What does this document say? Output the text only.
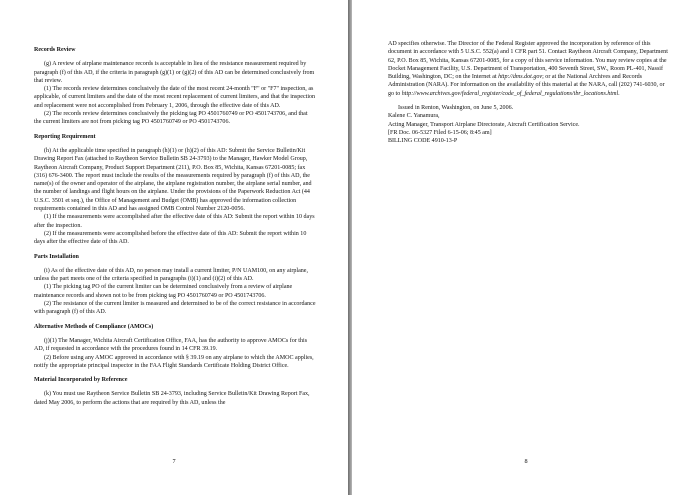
Records Review

(g) A review of airplane maintenance records is acceptable in lieu of the resistance measurement required by paragraph (f) of this AD, if the criteria in paragraph (g)(1) or (g)(2) of this AD can be determined conclusively from that review.

(1) The records review determines conclusively the date of the most recent 24-month "F" or "F7" inspection, as applicable, of current limiters and the date of the most recent replacement of current limiters, and that the inspection and replacement were not accomplished from February 1, 2006, through the effective date of this AD.

(2) The records review determines conclusively the picking tag PO 4501760749 or PO 4501743706, and that the current limiters are not from picking tag PO 4501760749 or PO 4501743706.

Reporting Requirement

(h) At the applicable time specified in paragraph (h)(1) or (h)(2) of this AD: Submit the Service Bulletin/Kit Drawing Report Fax (attached to Raytheon Service Bulletin SB 24-3793) to the Manager, Hawker Model Group, Raytheon Aircraft Company, Product Support Department (211), P.O. Box 85, Wichita, Kansas 67201-0085; fax (316) 676-3400. The report must include the results of the measurements required by paragraph (f) of this AD, the name(s) of the owner and operator of the airplane, the airplane registration number, the airplane serial number, and the number of landings and flight hours on the airplane. Under the provisions of the Paperwork Reduction Act (44 U.S.C. 3501 et seq.), the Office of Management and Budget (OMB) has approved the information collection requirements contained in this AD and has assigned OMB Control Number 2120-0056.

(1) If the measurements were accomplished after the effective date of this AD: Submit the report within 10 days after the inspection.

(2) If the measurements were accomplished before the effective date of this AD: Submit the report within 10 days after the effective date of this AD.

Parts Installation

(i) As of the effective date of this AD, no person may install a current limiter, P/N UAM100, on any airplane, unless the part meets one of the criteria specified in paragraphs (i)(1) and (i)(2) of this AD.

(1) The picking tag PO of the current limiter can be determined conclusively from a review of airplane maintenance records and shown not to be from picking tag PO 4501760749 or PO 4501743706.

(2) The resistance of the current limiter is measured and determined to be of the correct resistance in accordance with paragraph (f) of this AD.

Alternative Methods of Compliance (AMOCs)

(j)(1) The Manager, Wichita Aircraft Certification Office, FAA, has the authority to approve AMOCs for this AD, if requested in accordance with the procedures found in 14 CFR 39.19.

(2) Before using any AMOC approved in accordance with § 39.19 on any airplane to which the AMOC applies, notify the appropriate principal inspector in the FAA Flight Standards Certificate Holding District Office.

Material Incorporated by Reference

(k) You must use Raytheon Service Bulletin SB 24-3793, including Service Bulletin/Kit Drawing Report Fax, dated May 2006, to perform the actions that are required by this AD, unless the

7

AD specifies otherwise. The Director of the Federal Register approved the incorporation by reference of this document in accordance with 5 U.S.C. 552(a) and 1 CFR part 51. Contact Raytheon Aircraft Company, Department 62, P.O. Box 85, Wichita, Kansas 67201-0085, for a copy of this service information. You may review copies at the Docket Management Facility, U.S. Department of Transportation, 400 Seventh Street, SW., Room PL-401, Nassif Building, Washington, DC; on the Internet at http://dms.dot.gov; or at the National Archives and Records Administration (NARA). For information on the availability of this material at the NARA, call (202) 741-6030, or go to http://www.archives.gov/federal_register/code_of_federal_regulations/ibr_locations.html.

Issued in Renton, Washington, on June 5, 2006.

Kalene C. Yanamura,

Acting Manager, Transport Airplane Directorate, Aircraft Certification Service.

[FR Doc. 06-5327 Filed 6-15-06; 8:45 am]

BILLING CODE 4910-13-P

8
